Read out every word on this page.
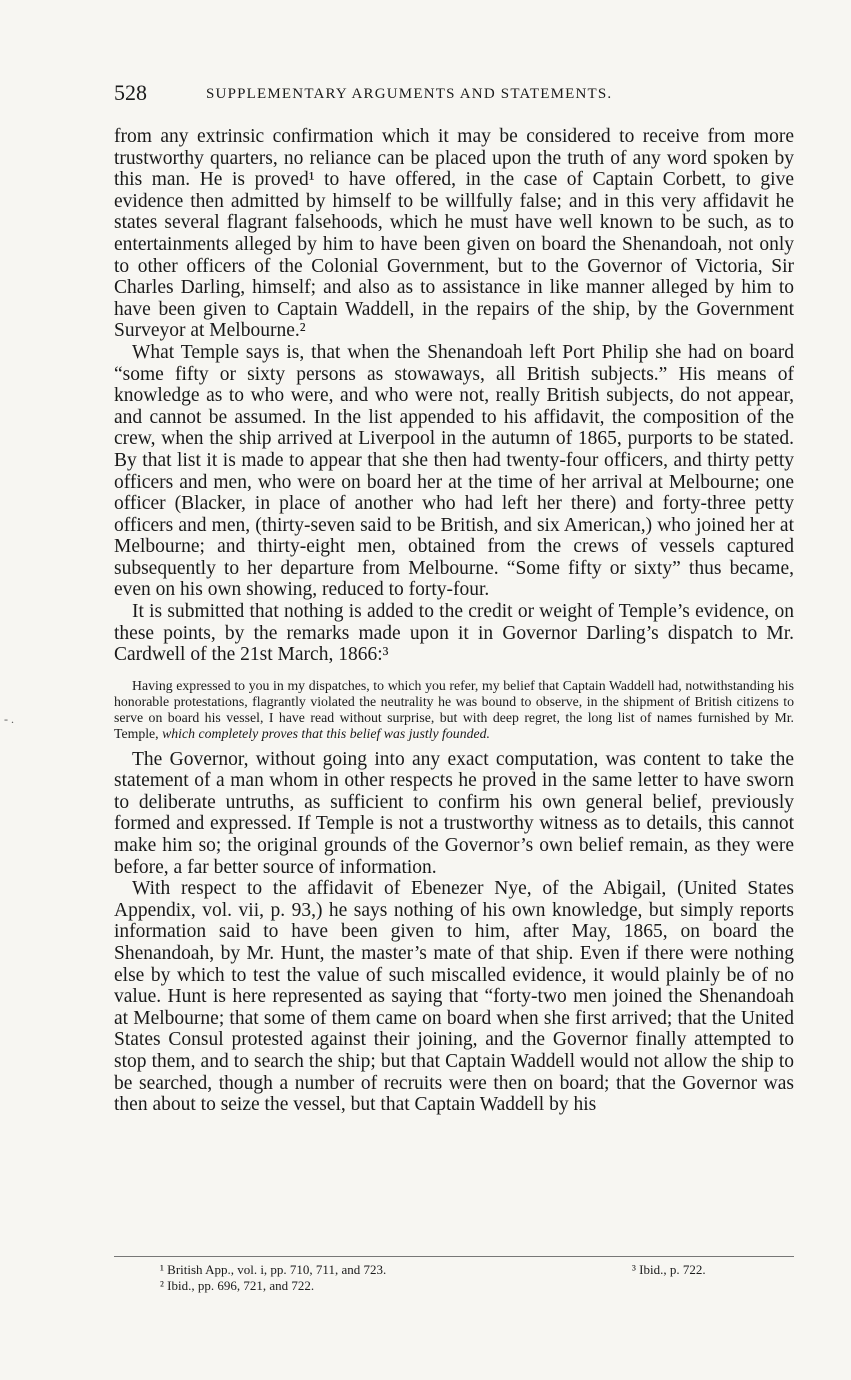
528	SUPPLEMENTARY ARGUMENTS AND STATEMENTS.
- .

from any extrinsic confirmation which it may be considered to receive from more trustworthy quarters, no reliance can be placed upon the truth of any word spoken by this man. He is proved¹ to have offered, in the case of Captain Corbett, to give evidence then admitted by himself to be willfully false; and in this very affidavit he states several flagrant falsehoods, which he must have well known to be such, as to entertainments alleged by him to have been given on board the Shenandoah, not only to other officers of the Colonial Government, but to the Governor of Victoria, Sir Charles Darling, himself; and also as to assistance in like manner alleged by him to have been given to Captain Waddell, in the repairs of the ship, by the Government Surveyor at Melbourne.²

What Temple says is, that when the Shenandoah left Port Philip she had on board “some fifty or sixty persons as stowaways, all British subjects.” His means of knowledge as to who were, and who were not, really British subjects, do not appear, and cannot be assumed. In the list appended to his affidavit, the composition of the crew, when the ship arrived at Liverpool in the autumn of 1865, purports to be stated. By that list it is made to appear that she then had twenty-four officers, and thirty petty officers and men, who were on board her at the time of her arrival at Melbourne; one officer (Blacker, in place of another who had left her there) and forty-three petty officers and men, (thirty-seven said to be British, and six American,) who joined her at Melbourne; and thirty-eight men, obtained from the crews of vessels captured subsequently to her departure from Melbourne. “Some fifty or sixty” thus became, even on his own showing, reduced to forty-four.

It is submitted that nothing is added to the credit or weight of Temple’s evidence, on these points, by the remarks made upon it in Governor Darling’s dispatch to Mr. Cardwell of the 21st March, 1866:³

Having expressed to you in my dispatches, to which you refer, my belief that Captain Waddell had, notwithstanding his honorable protestations, flagrantly violated the neutrality he was bound to observe, in the shipment of British citizens to serve on board his vessel, I have read without surprise, but with deep regret, the long list of names furnished by Mr. Temple, which completely proves that this belief was justly founded.

The Governor, without going into any exact computation, was content to take the statement of a man whom in other respects he proved in the same letter to have sworn to deliberate untruths, as sufficient to confirm his own general belief, previously formed and expressed. If Temple is not a trustworthy witness as to details, this cannot make him so; the original grounds of the Governor’s own belief remain, as they were before, a far better source of information.

With respect to the affidavit of Ebenezer Nye, of the Abigail, (United States Appendix, vol. vii, p. 93,) he says nothing of his own knowledge, but simply reports information said to have been given to him, after May, 1865, on board the Shenandoah, by Mr. Hunt, the master’s mate of that ship. Even if there were nothing else by which to test the value of such miscalled evidence, it would plainly be of no value. Hunt is here represented as saying that “forty-two men joined the Shenandoah at Melbourne; that some of them came on board when she first arrived; that the United States Consul protested against their joining, and the Governor finally attempted to stop them, and to search the ship; but that Captain Waddell would not allow the ship to be searched, though a number of recruits were then on board; that the Governor was then about to seize the vessel, but that Captain Waddell by his

¹ British App., vol. i, pp. 710, 711, and 723.	³ Ibid., p. 722.
² Ibid., pp. 696, 721, and 722.
